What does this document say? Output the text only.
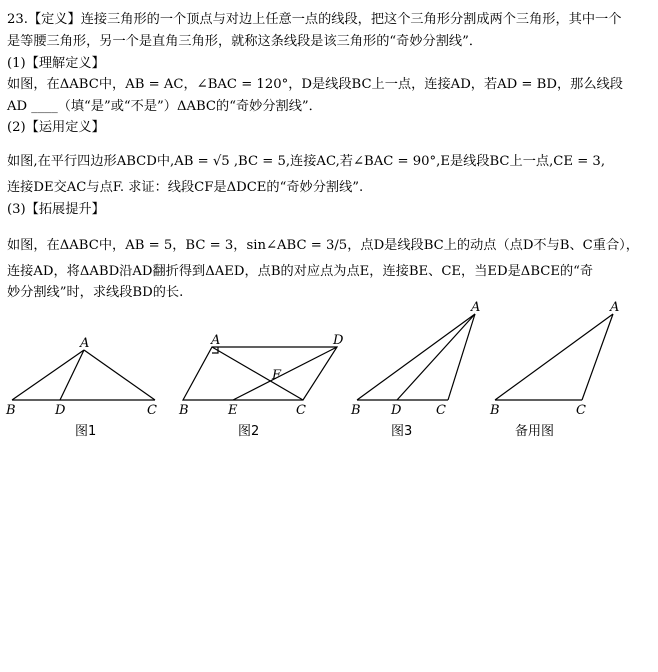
23.【定义】连接三角形的一个顶点与对边上任意一点的线段，把这个三角形分割成两个三角形，其中一个
是等腰三角形，另一个是直角三角形，就称这条线段是该三角形的“奇妙分割线”．
(1)【理解定义】
如图，在ΔABC中，AB = AC，∠BAC = 120°，D是线段BC上一点，连接AD，若AD = BD，那么线段
AD ____（填“是”或“不是”）ΔABC的“奇妙分割线”．
(2)【运用定义】
如图,在平行四边形ABCD中,AB = √5 ,BC = 5,连接AC,若∠BAC = 90°,E是线段BC上一点,CE = 3,
连接DE交AC与点F. 求证：线段CF是ΔDCE的“奇妙分割线”.
(3)【拓展提升】
如图，在ΔABC中，AB = 5，BC = 3，sin∠ABC = 3/5，点D是线段BC上的动点（点D不与B、C重合），
连接AD，将ΔABD沿AD翻折得到ΔAED，点B的对应点为点E，连接BE、CE，当ED是ΔBCE的“奇
妙分割线”时，求线段BD的长.
A
B	D	C
图1
A	D
F
B	E	C
图2
A
B D	C
图3
A
B	C
备用图
